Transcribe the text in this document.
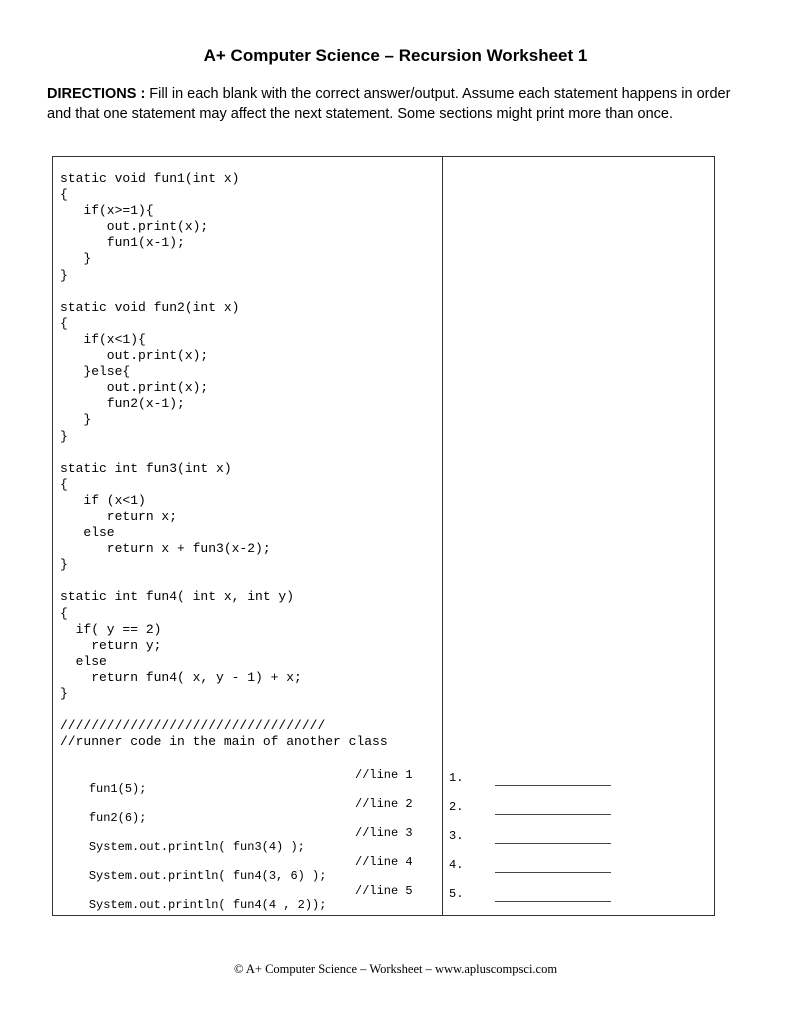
A+ Computer Science – Recursion Worksheet 1
DIRECTIONS : Fill in each blank with the correct answer/output. Assume each statement happens in order and that one statement may affect the next statement. Some sections might print more than once.
static void fun1(int x)
{
if(x>=1){
out.print(x);
fun1(x-1);
}
}

static void fun2(int x)
{
if(x<1){
out.print(x);
}else{
out.print(x);
fun2(x-1);
}
}

static int fun3(int x)
{
if (x<1)
return x;
else
return x + fun3(x-2);
}

static int fun4( int x, int y)
{
if( y == 2)
return y;
else
return fun4( x, y - 1) + x;
}

//////////////////////////////////
//runner code in the main of another class

fun1(5);

//line 1

fun2(6);

//line 2

System.out.println( fun3(4) );

//line 3

System.out.println( fun4(3, 6) );

//line 4

System.out.println( fun4(4 , 2));

//line 5

1.
2.
3.
4.
5.
© A+ Computer Science – Worksheet – www.apluscompsci.com
